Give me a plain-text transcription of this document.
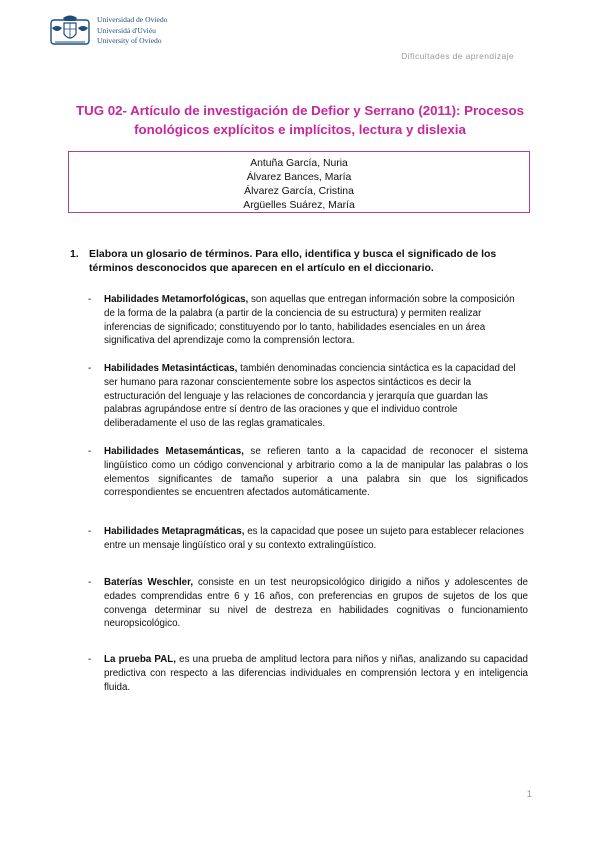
Universidad de Oviedo
Universidá d'Uviéu
University of Oviedo
Dificultades de aprendizaje
TUG 02- Artículo de investigación de Defior y Serrano (2011): Procesos fonológicos explícitos e implícitos, lectura y dislexia
Antuña García, Nuria
Álvarez Bances, María
Álvarez García, Cristina
Argüelles Suárez, María
1. Elabora un glosario de términos. Para ello, identifica y busca el significado de los términos desconocidos que aparecen en el artículo en el diccionario.
- Habilidades Metamorfológicas, son aquellas que entregan información sobre la composición de la forma de la palabra (a partir de la conciencia de su estructura) y permiten realizar inferencias de significado; constituyendo por lo tanto, habilidades esenciales en un área significativa del aprendizaje como la comprensión lectora.
- Habilidades Metasintácticas, también denominadas conciencia sintáctica es la capacidad del ser humano para razonar conscientemente sobre los aspectos sintácticos es decir la estructuración del lenguaje y las relaciones de concordancia y jerarquía que guardan las palabras agrupándose entre sí dentro de las oraciones y que el individuo controle deliberadamente el uso de las reglas gramaticales.
- Habilidades Metasemánticas, se refieren tanto a la capacidad de reconocer el sistema lingüístico como un código convencional y arbitrario como a la de manipular las palabras o los elementos significantes de tamaño superior a una palabra sin que los significados correspondientes se encuentren afectados automáticamente.
- Habilidades Metapragmáticas, es la capacidad que posee un sujeto para establecer relaciones entre un mensaje lingüístico oral y su contexto extralingüístico.
- Baterías Weschler, consiste en un test neuropsicológico dirigido a niños y adolescentes de edades comprendidas entre 6 y 16 años, con preferencias en grupos de sujetos de los que convenga determinar su nivel de destreza en habilidades cognitivas o funcionamiento neuropsicológico.
- La prueba PAL, es una prueba de amplitud lectora para niños y niñas, analizando su capacidad predictiva con respecto a las diferencias individuales en comprensión lectora y en inteligencia fluida.
1
